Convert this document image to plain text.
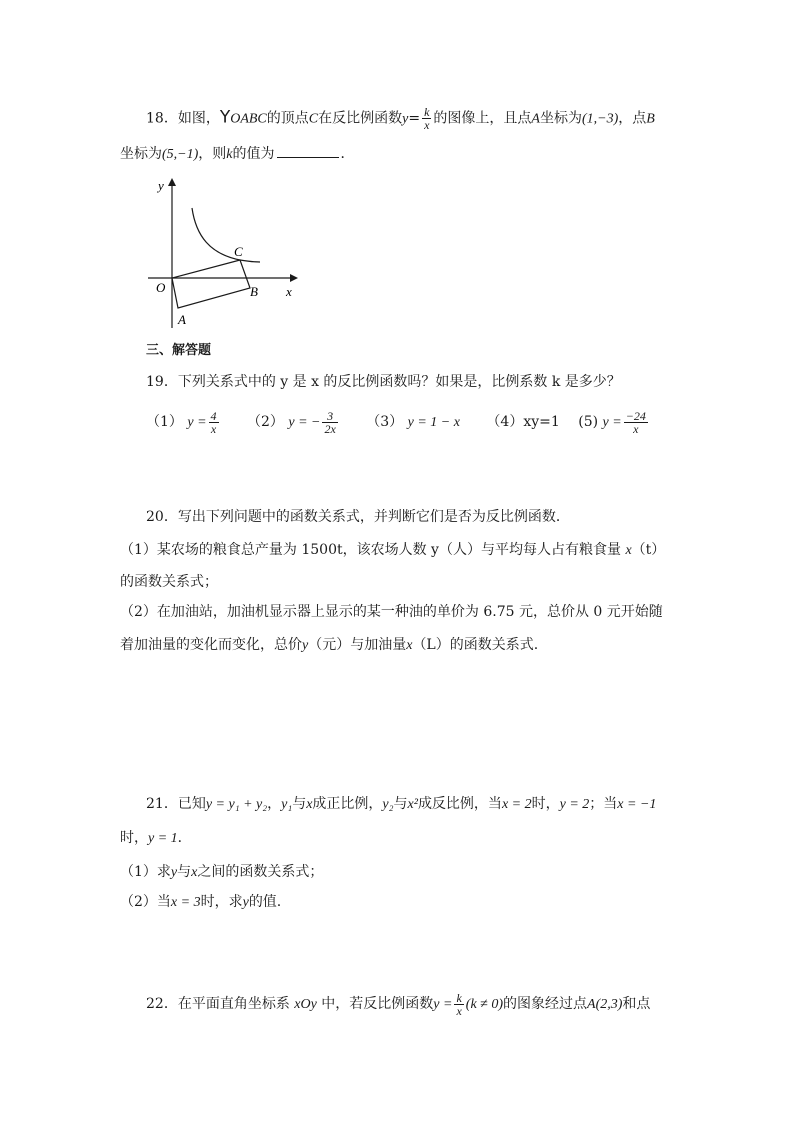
18．如图，YOABC的顶点C在反比例函数$y= \frac{k}{x}$ 的图像上，且点A坐标为(1,−3)，点B
坐标为(5,−1)，则k的值为	．
y
x
O
A
B
C
三、解答题
19．下列关系式中的 y 是 x 的反比例函数吗？如果是，比例系数 k 是多少？
（1） $y = \frac{4}{x} (2) y$ = − $\frac{3}{2x} (3) y = 1 - x$ （4）xy=1 (5) $y = \frac{-24}{x}$
20．写出下列问题中的函数关系式，并判断它们是否为反比例函数．
（1）某农场的粮食总产量为 1500t，该农场人数 y（人）与平均每人占有粮食量 x（t）
的函数关系式；
（2）在加油站，加油机显示器上显示的某一种油的单价为 6.75 元，总价从 0 元开始随
着加油量的变化而变化，总价y（元）与加油量x（L）的函数关系式.
21．已知y = y₁ + y₂，y₁与x成正比例，y₂与x²成反比例，当x = 2时，y = 2；当x = −1
时，y = 1．
（1）求y与x之间的函数关系式；
（2）当x = 3时，求y的值.
22．在平面直角坐标系 xOy 中，若反比例函数$y = \frac{k}{x} (k \ne 0)$的图象经过点A(2,3)和点
